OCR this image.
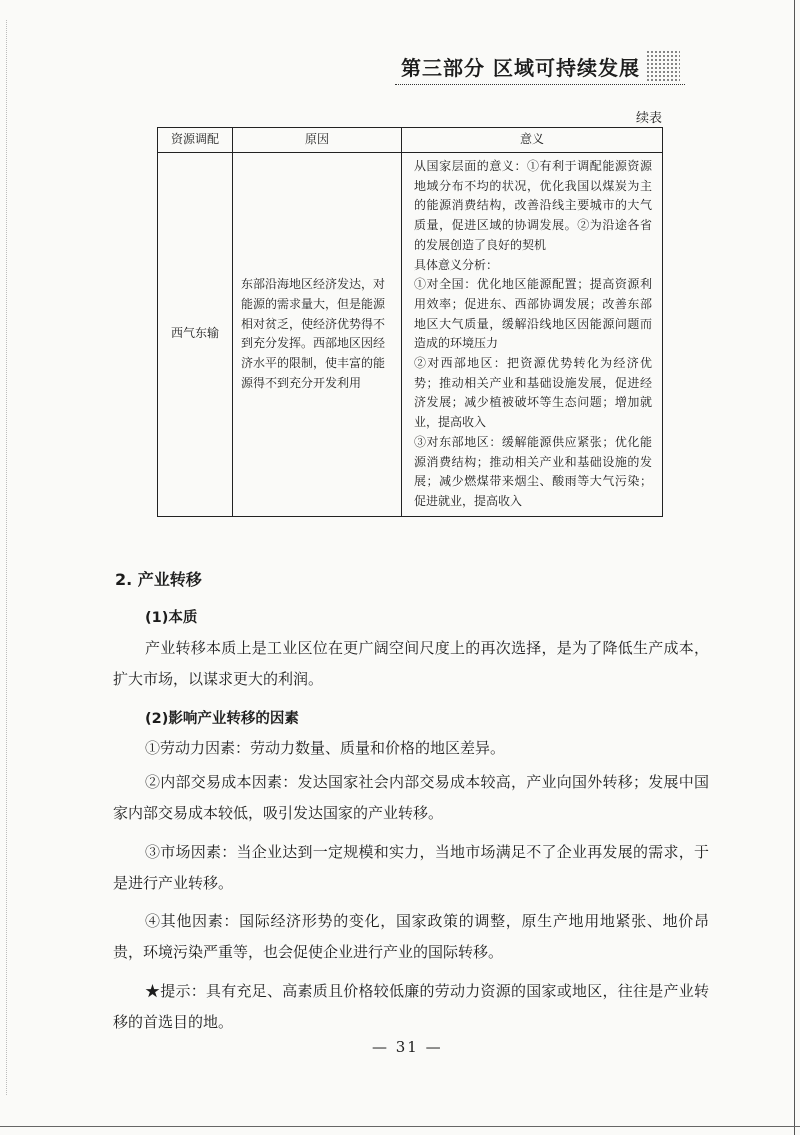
第三部分 区域可持续发展
续表
资源调配	原因	意义
西气东输	东部沿海地区经济发达，对能源的需求量大，但是能源相对贫乏，使经济优势得不到充分发挥。西部地区因经济水平的限制，使丰富的能源得不到充分开发利用	从国家层面的意义：①有利于调配能源资源地域分布不均的状况，优化我国以煤炭为主的能源消费结构，改善沿线主要城市的大气质量，促进区域的协调发展。②为沿途各省的发展创造了良好的契机
具体意义分析：
①对全国：优化地区能源配置；提高资源利用效率；促进东、西部协调发展；改善东部地区大气质量，缓解沿线地区因能源问题而造成的环境压力
②对西部地区：把资源优势转化为经济优势；推动相关产业和基础设施发展，促进经济发展；减少植被破坏等生态问题；增加就业，提高收入
③对东部地区：缓解能源供应紧张；优化能源消费结构；推动相关产业和基础设施的发展；减少燃煤带来烟尘、酸雨等大气污染；促进就业，提高收入
2. 产业转移
(1)本质
产业转移本质上是工业区位在更广阔空间尺度上的再次选择，是为了降低生产成本，扩大市场，以谋求更大的利润。
(2)影响产业转移的因素
①劳动力因素：劳动力数量、质量和价格的地区差异。
②内部交易成本因素：发达国家社会内部交易成本较高，产业向国外转移；发展中国家内部交易成本较低，吸引发达国家的产业转移。
③市场因素：当企业达到一定规模和实力，当地市场满足不了企业再发展的需求，于是进行产业转移。
④其他因素：国际经济形势的变化，国家政策的调整，原生产地用地紧张、地价昂贵，环境污染严重等，也会促使企业进行产业的国际转移。
★提示：具有充足、高素质且价格较低廉的劳动力资源的国家或地区，往往是产业转移的首选目的地。
— 31 —
